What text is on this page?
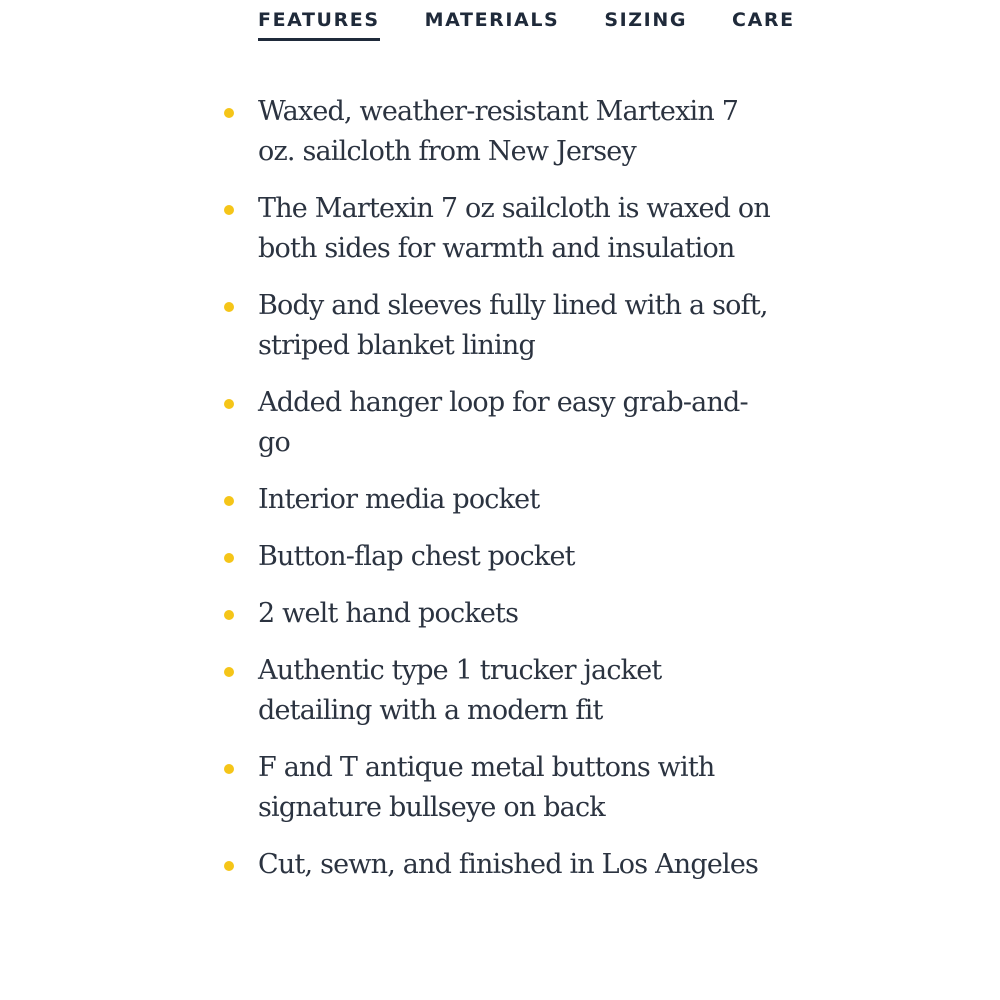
FEATURES MATERIALS SIZING CARE
Waxed, weather-resistant Martexin 7 oz. sailcloth from New Jersey
The Martexin 7 oz sailcloth is waxed on both sides for warmth and insulation
Body and sleeves fully lined with a soft, striped blanket lining
Added hanger loop for easy grab-and-go
Interior media pocket
Button-flap chest pocket
2 welt hand pockets
Authentic type 1 trucker jacket detailing with a modern fit
F and T antique metal buttons with signature bullseye on back
Cut, sewn, and finished in Los Angeles
